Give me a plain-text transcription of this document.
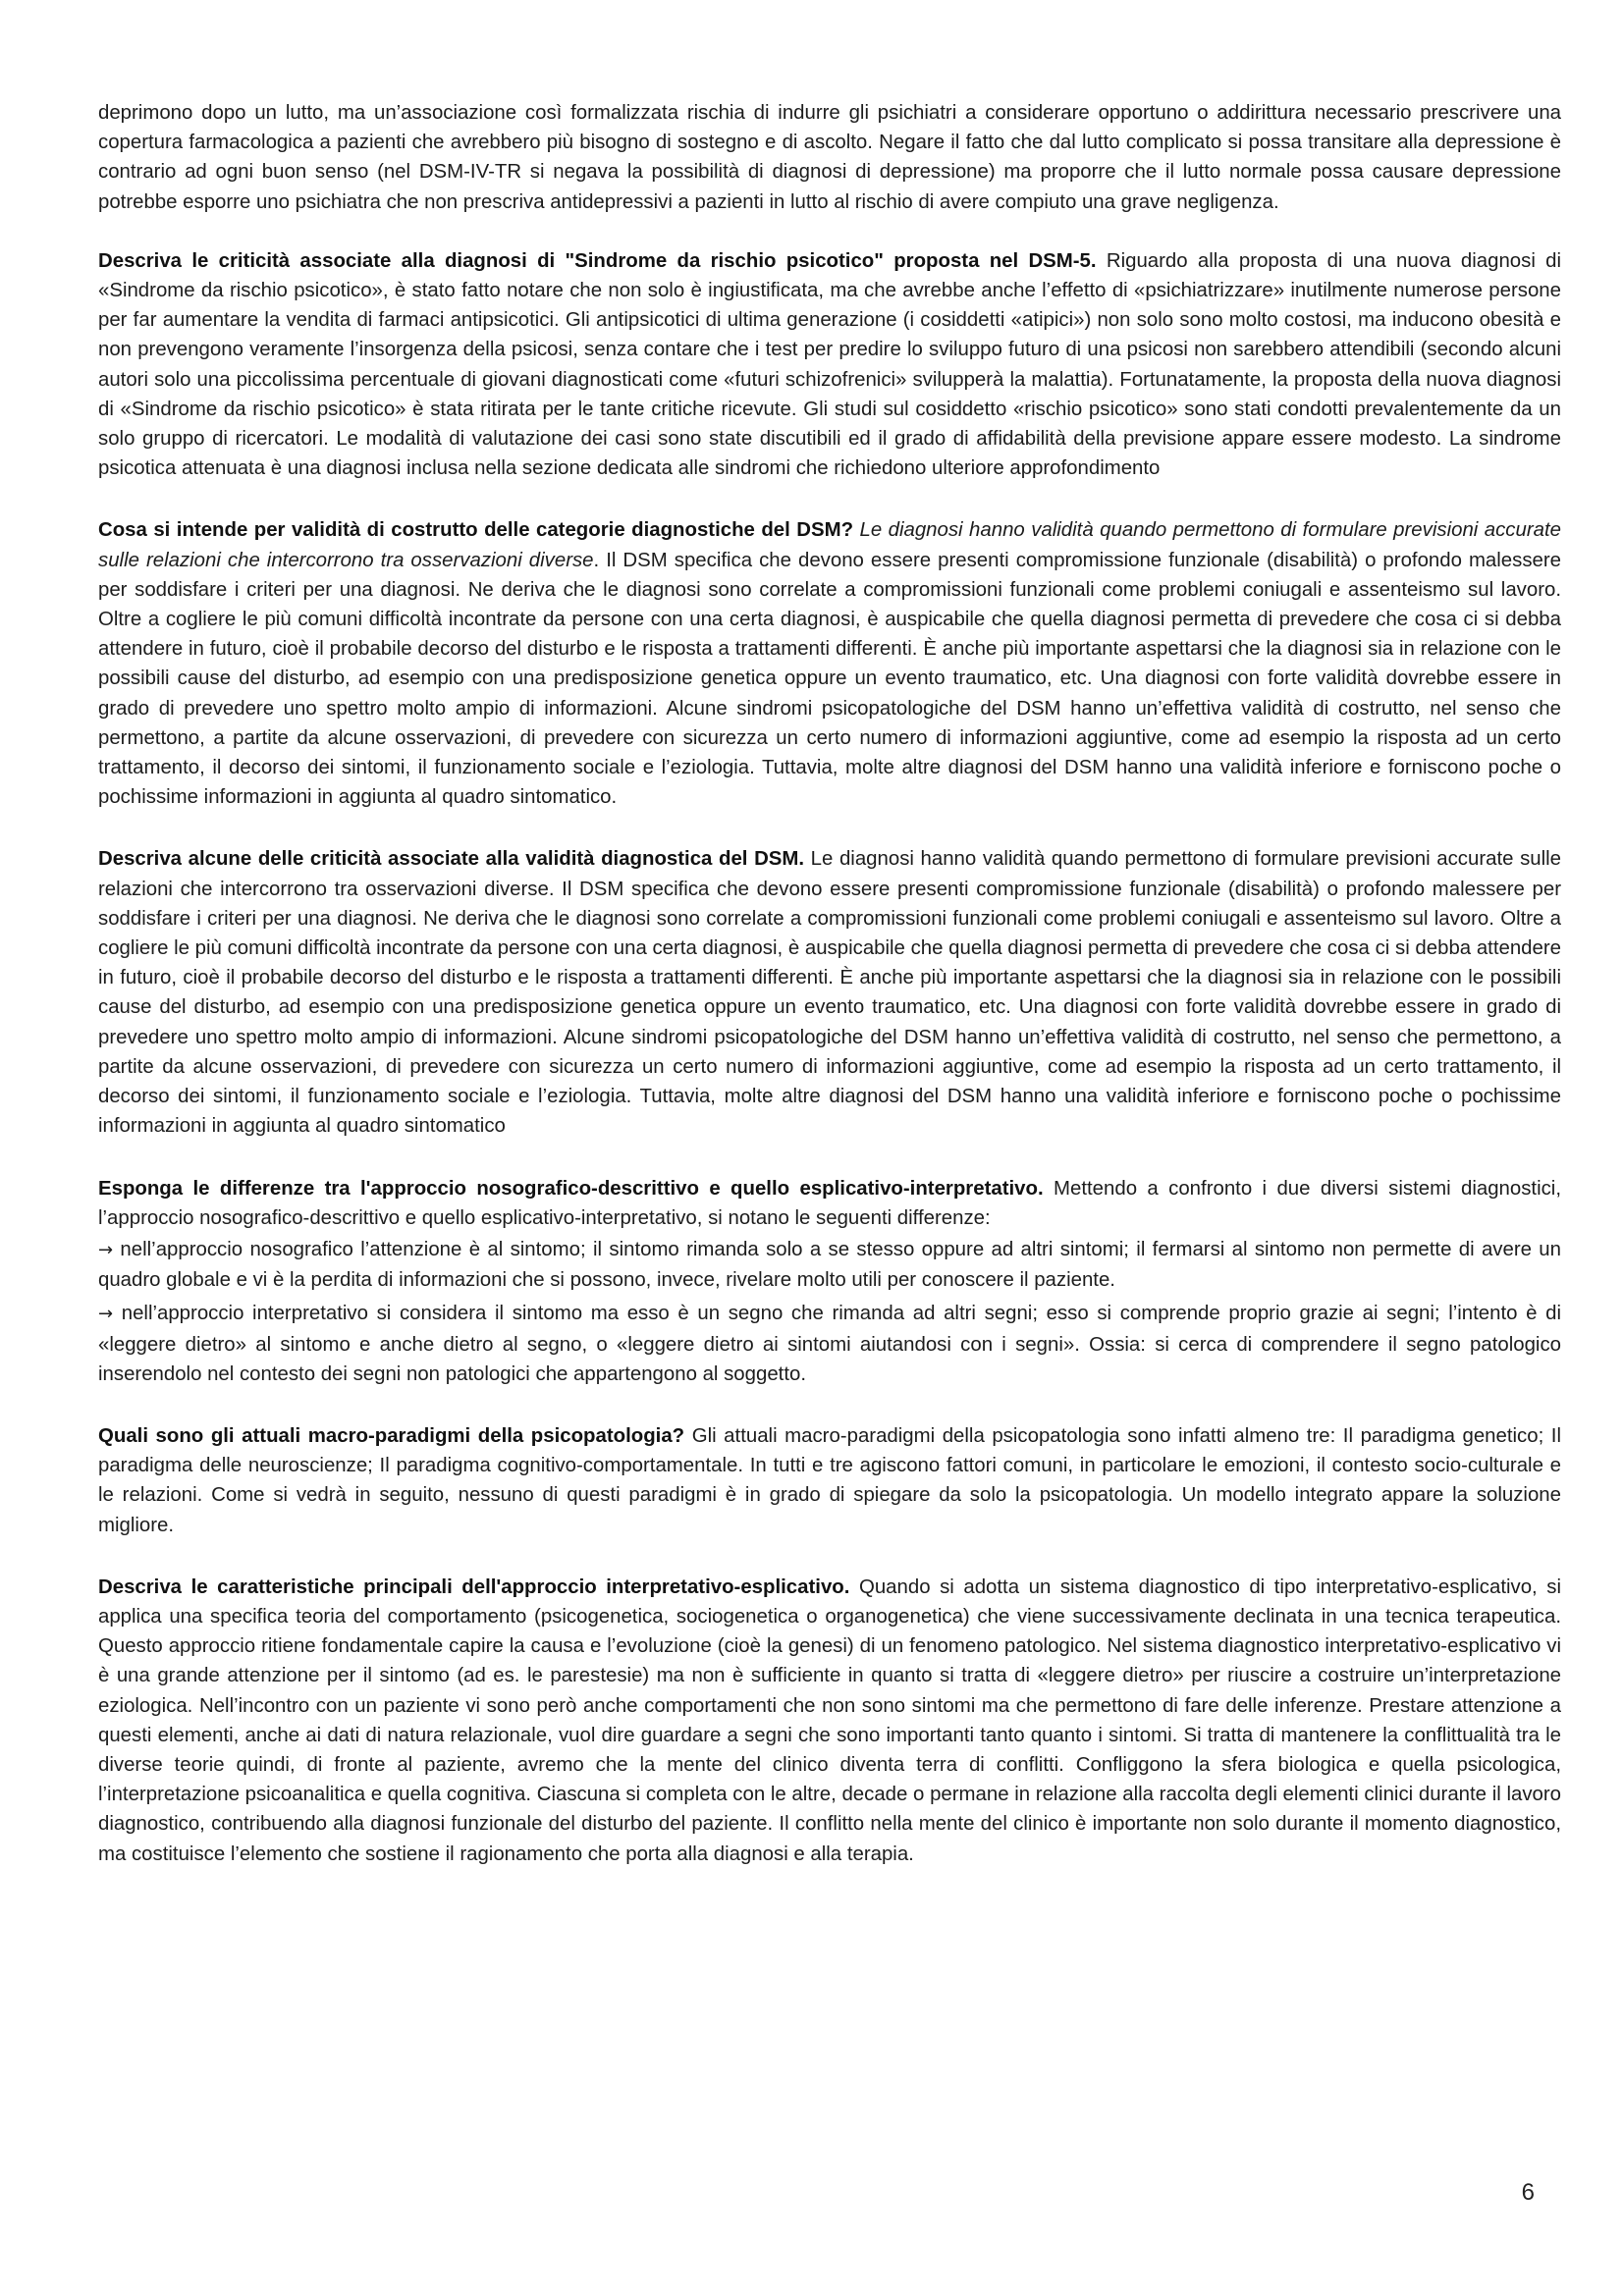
deprimono dopo un lutto, ma un’associazione così formalizzata rischia di indurre gli psichiatri a considerare opportuno o addirittura necessario prescrivere una copertura farmacologica a pazienti che avrebbero più bisogno di sostegno e di ascolto. Negare il fatto che dal lutto complicato si possa transitare alla depressione è contrario ad ogni buon senso (nel DSM-IV-TR si negava la possibilità di diagnosi di depressione) ma proporre che il lutto normale possa causare depressione potrebbe esporre uno psichiatra che non prescriva antidepressivi a pazienti in lutto al rischio di avere compiuto una grave negligenza.

Descriva le criticità associate alla diagnosi di "Sindrome da rischio psicotico" proposta nel DSM-5. Riguardo alla proposta di una nuova diagnosi di «Sindrome da rischio psicotico», è stato fatto notare che non solo è ingiustificata, ma che avrebbe anche l’effetto di «psichiatrizzare» inutilmente numerose persone per far aumentare la vendita di farmaci antipsicotici. Gli antipsicotici di ultima generazione (i cosiddetti «atipici») non solo sono molto costosi, ma inducono obesità e non prevengono veramente l’insorgenza della psicosi, senza contare che i test per predire lo sviluppo futuro di una psicosi non sarebbero attendibili (secondo alcuni autori solo una piccolissima percentuale di giovani diagnosticati come «futuri schizofrenici» svilupperà la malattia). Fortunatamente, la proposta della nuova diagnosi di «Sindrome da rischio psicotico» è stata ritirata per le tante critiche ricevute. Gli studi sul cosiddetto «rischio psicotico» sono stati condotti prevalentemente da un solo gruppo di ricercatori. Le modalità di valutazione dei casi sono state discutibili ed il grado di affidabilità della previsione appare essere modesto. La sindrome psicotica attenuata è una diagnosi inclusa nella sezione dedicata alle sindromi che richiedono ulteriore approfondimento

Cosa si intende per validità di costrutto delle categorie diagnostiche del DSM? Le diagnosi hanno validità quando permettono di formulare previsioni accurate sulle relazioni che intercorrono tra osservazioni diverse. Il DSM specifica che devono essere presenti compromissione funzionale (disabilità) o profondo malessere per soddisfare i criteri per una diagnosi. Ne deriva che le diagnosi sono correlate a compromissioni funzionali come problemi coniugali e assenteismo sul lavoro. Oltre a cogliere le più comuni difficoltà incontrate da persone con una certa diagnosi, è auspicabile che quella diagnosi permetta di prevedere che cosa ci si debba attendere in futuro, cioè il probabile decorso del disturbo e le risposta a trattamenti differenti. È anche più importante aspettarsi che la diagnosi sia in relazione con le possibili cause del disturbo, ad esempio con una predisposizione genetica oppure un evento traumatico, etc. Una diagnosi con forte validità dovrebbe essere in grado di prevedere uno spettro molto ampio di informazioni. Alcune sindromi psicopatologiche del DSM hanno un’effettiva validità di costrutto, nel senso che permettono, a partite da alcune osservazioni, di prevedere con sicurezza un certo numero di informazioni aggiuntive, come ad esempio la risposta ad un certo trattamento, il decorso dei sintomi, il funzionamento sociale e l’eziologia. Tuttavia, molte altre diagnosi del DSM hanno una validità inferiore e forniscono poche o pochissime informazioni in aggiunta al quadro sintomatico.

Descriva alcune delle criticità associate alla validità diagnostica del DSM. Le diagnosi hanno validità quando permettono di formulare previsioni accurate sulle relazioni che intercorrono tra osservazioni diverse. Il DSM specifica che devono essere presenti compromissione funzionale (disabilità) o profondo malessere per soddisfare i criteri per una diagnosi. Ne deriva che le diagnosi sono correlate a compromissioni funzionali come problemi coniugali e assenteismo sul lavoro. Oltre a cogliere le più comuni difficoltà incontrate da persone con una certa diagnosi, è auspicabile che quella diagnosi permetta di prevedere che cosa ci si debba attendere in futuro, cioè il probabile decorso del disturbo e le risposta a trattamenti differenti. È anche più importante aspettarsi che la diagnosi sia in relazione con le possibili cause del disturbo, ad esempio con una predisposizione genetica oppure un evento traumatico, etc. Una diagnosi con forte validità dovrebbe essere in grado di prevedere uno spettro molto ampio di informazioni. Alcune sindromi psicopatologiche del DSM hanno un’effettiva validità di costrutto, nel senso che permettono, a partite da alcune osservazioni, di prevedere con sicurezza un certo numero di informazioni aggiuntive, come ad esempio la risposta ad un certo trattamento, il decorso dei sintomi, il funzionamento sociale e l’eziologia. Tuttavia, molte altre diagnosi del DSM hanno una validità inferiore e forniscono poche o pochissime informazioni in aggiunta al quadro sintomatico

Esponga le differenze tra l'approccio nosografico-descrittivo e quello esplicativo-interpretativo. Mettendo a confronto i due diversi sistemi diagnostici, l’approccio nosografico-descrittivo e quello esplicativo-interpretativo, si notano le seguenti differenze:
→ nell’approccio nosografico l’attenzione è al sintomo; il sintomo rimanda solo a se stesso oppure ad altri sintomi; il fermarsi al sintomo non permette di avere un quadro globale e vi è la perdita di informazioni che si possono, invece, rivelare molto utili per conoscere il paziente.
→ nell’approccio interpretativo si considera il sintomo ma esso è un segno che rimanda ad altri segni; esso si comprende proprio grazie ai segni; l’intento è di «leggere dietro» al sintomo e anche dietro al segno, o «leggere dietro ai sintomi aiutandosi con i segni». Ossia: si cerca di comprendere il segno patologico inserendolo nel contesto dei segni non patologici che appartengono al soggetto.

Quali sono gli attuali macro-paradigmi della psicopatologia? Gli attuali macro-paradigmi della psicopatologia sono infatti almeno tre: Il paradigma genetico; Il paradigma delle neuroscienze; Il paradigma cognitivo-comportamentale. In tutti e tre agiscono fattori comuni, in particolare le emozioni, il contesto socio-culturale e le relazioni. Come si vedrà in seguito, nessuno di questi paradigmi è in grado di spiegare da solo la psicopatologia. Un modello integrato appare la soluzione migliore.

Descriva le caratteristiche principali dell'approccio interpretativo-esplicativo. Quando si adotta un sistema diagnostico di tipo interpretativo-esplicativo, si applica una specifica teoria del comportamento (psicogenetica, sociogenetica o organogenetica) che viene successivamente declinata in una tecnica terapeutica. Questo approccio ritiene fondamentale capire la causa e l’evoluzione (cioè la genesi) di un fenomeno patologico. Nel sistema diagnostico interpretativo-esplicativo vi è una grande attenzione per il sintomo (ad es. le parestesie) ma non è sufficiente in quanto si tratta di «leggere dietro» per riuscire a costruire un’interpretazione eziologica. Nell’incontro con un paziente vi sono però anche comportamenti che non sono sintomi ma che permettono di fare delle inferenze. Prestare attenzione a questi elementi, anche ai dati di natura relazionale, vuol dire guardare a segni che sono importanti tanto quanto i sintomi. Si tratta di mantenere la conflittualità tra le diverse teorie quindi, di fronte al paziente, avremo che la mente del clinico diventa terra di conflitti. Confliggono la sfera biologica e quella psicologica, l’interpretazione psicoanalitica e quella cognitiva. Ciascuna si completa con le altre, decade o permane in relazione alla raccolta degli elementi clinici durante il lavoro diagnostico, contribuendo alla diagnosi funzionale del disturbo del paziente. Il conflitto nella mente del clinico è importante non solo durante il momento diagnostico, ma costituisce l’elemento che sostiene il ragionamento che porta alla diagnosi e alla terapia.

6
